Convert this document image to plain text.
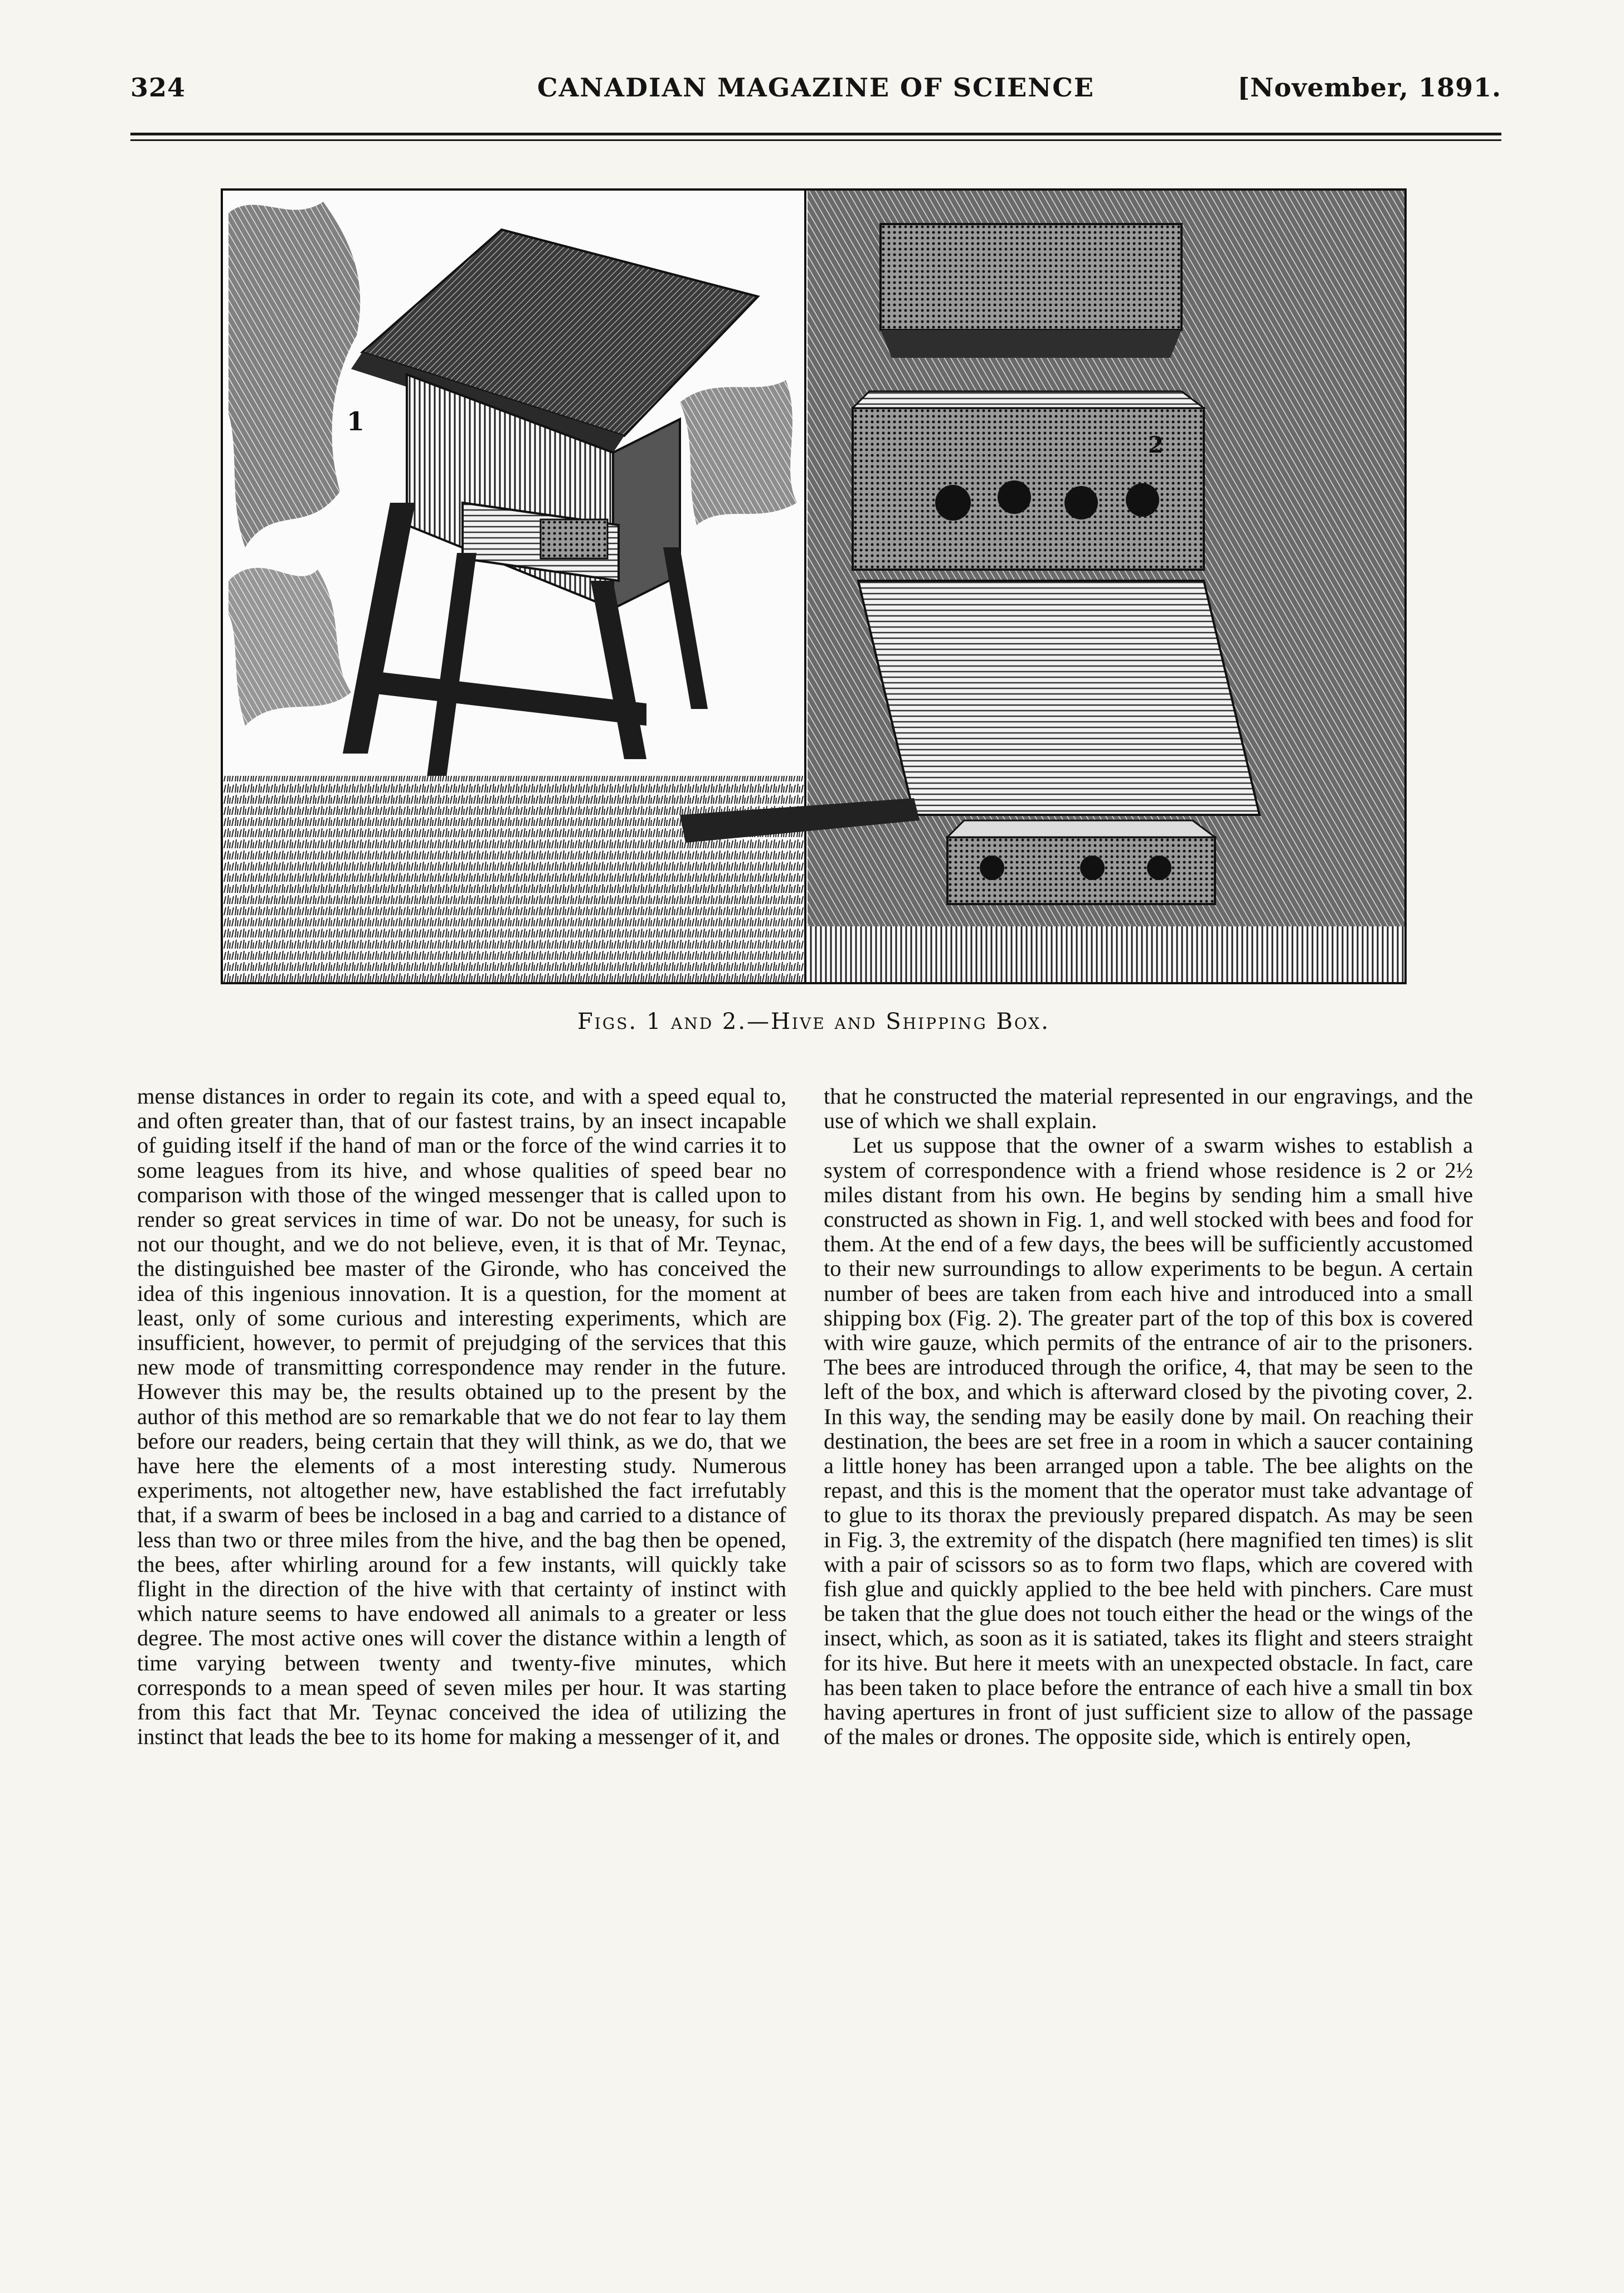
324	CANADIAN MAGAZINE OF SCIENCE	[November, 1891.
1
2
Figs. 1 and 2.—Hive and Shipping Box.

mense distances in order to regain its cote, and with a speed equal to, and often greater than, that of our fastest trains, by an insect incapable of guiding itself if the hand of man or the force of the wind carries it to some leagues from its hive, and whose qualities of speed bear no comparison with those of the winged messenger that is called upon to render so great services in time of war. Do not be uneasy, for such is not our thought, and we do not believe, even, it is that of Mr. Teynac, the distinguished bee master of the Gironde, who has conceived the idea of this ingenious innovation. It is a question, for the moment at least, only of some curious and interesting experiments, which are insufficient, however, to permit of prejudging of the services that this new mode of transmitting correspondence may render in the future. However this may be, the results obtained up to the present by the author of this method are so remarkable that we do not fear to lay them before our readers, being certain that they will think, as we do, that we have here the elements of a most interesting study. Numerous experiments, not altogether new, have established the fact irrefutably that, if a swarm of bees be inclosed in a bag and carried to a distance of less than two or three miles from the hive, and the bag then be opened, the bees, after whirling around for a few instants, will quickly take flight in the direction of the hive with that certainty of instinct with which nature seems to have endowed all animals to a greater or less degree. The most active ones will cover the distance within a length of time varying between twenty and twenty-five minutes, which corresponds to a mean speed of seven miles per hour. It was starting from this fact that Mr. Teynac conceived the idea of utilizing the instinct that leads the bee to its home for making a messenger of it, and

that he constructed the material represented in our engravings, and the use of which we shall explain.

Let us suppose that the owner of a swarm wishes to establish a system of correspondence with a friend whose residence is 2 or 2½ miles distant from his own. He begins by sending him a small hive constructed as shown in Fig. 1, and well stocked with bees and food for them. At the end of a few days, the bees will be sufficiently accustomed to their new surroundings to allow experiments to be begun. A certain number of bees are taken from each hive and introduced into a small shipping box (Fig. 2). The greater part of the top of this box is covered with wire gauze, which permits of the entrance of air to the prisoners. The bees are introduced through the orifice, 4, that may be seen to the left of the box, and which is afterward closed by the pivoting cover, 2. In this way, the sending may be easily done by mail. On reaching their destination, the bees are set free in a room in which a saucer containing a little honey has been arranged upon a table. The bee alights on the repast, and this is the moment that the operator must take advantage of to glue to its thorax the previously prepared dispatch. As may be seen in Fig. 3, the extremity of the dispatch (here magnified ten times) is slit with a pair of scissors so as to form two flaps, which are covered with fish glue and quickly applied to the bee held with pinchers. Care must be taken that the glue does not touch either the head or the wings of the insect, which, as soon as it is satiated, takes its flight and steers straight for its hive. But here it meets with an unexpected obstacle. In fact, care has been taken to place before the entrance of each hive a small tin box having apertures in front of just sufficient size to allow of the passage of the males or drones. The opposite side, which is entirely open,
